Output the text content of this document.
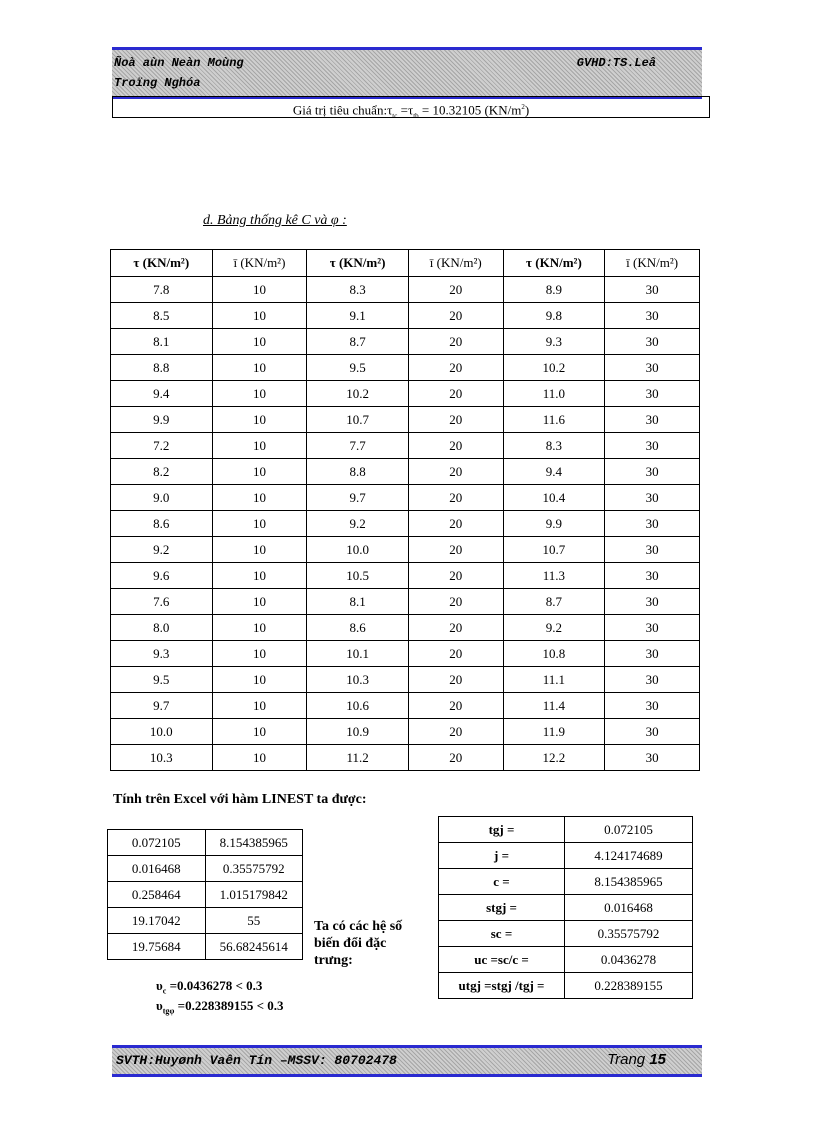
Ñoà aùn Neàn Moùng
Troïng Nghóa
GVHD:TS.Leâ
Giá trị tiêu $chuẩn:\tau_{tc} =\tau_{tb} = 10.32105$ $(KN/m^2)$
d. Bảng thống kê C và φ :
τ (KN/m²)	ī (KN/m²)	τ (KN/m²)	ī (KN/m²)	τ (KN/m²)	ī (KN/m²)
7.8	10	8.3	20	8.9	30
8.5	10	9.1	20	9.8	30
8.1	10	8.7	20	9.3	30
8.8	10	9.5	20	10.2	30
9.4	10	10.2	20	11.0	30
9.9	10	10.7	20	11.6	30
7.2	10	7.7	20	8.3	30
8.2	10	8.8	20	9.4	30
9.0	10	9.7	20	10.4	30
8.6	10	9.2	20	9.9	30
9.2	10	10.0	20	10.7	30
9.6	10	10.5	20	11.3	30
7.6	10	8.1	20	8.7	30
8.0	10	8.6	20	9.2	30
9.3	10	10.1	20	10.8	30
9.5	10	10.3	20	11.1	30
9.7	10	10.6	20	11.4	30
10.0	10	10.9	20	11.9	30
10.3	10	11.2	20	12.2	30
Tính trên Excel với hàm LINEST ta được:
0.072105	8.154385965
0.016468	0.35575792
0.258464	1.015179842
19.17042	55
19.75684	56.68245614
tgj =	0.072105
j =	4.124174689
c =	8.154385965
stgj =	0.016468
sc =	0.35575792
uc =sc/c =	0.0436278
utgj =stgj /tgj =	0.228389155
Ta có các hệ số biến đổi đặc trưng:
$\upsilon_c =0.0436278 < 0.3$
$\upsilon_{tg\varphi} =0.228389155 < 0.3$
SVTH:Huyønh Vaên Tín –MSSV: 80702478	Trang 15
